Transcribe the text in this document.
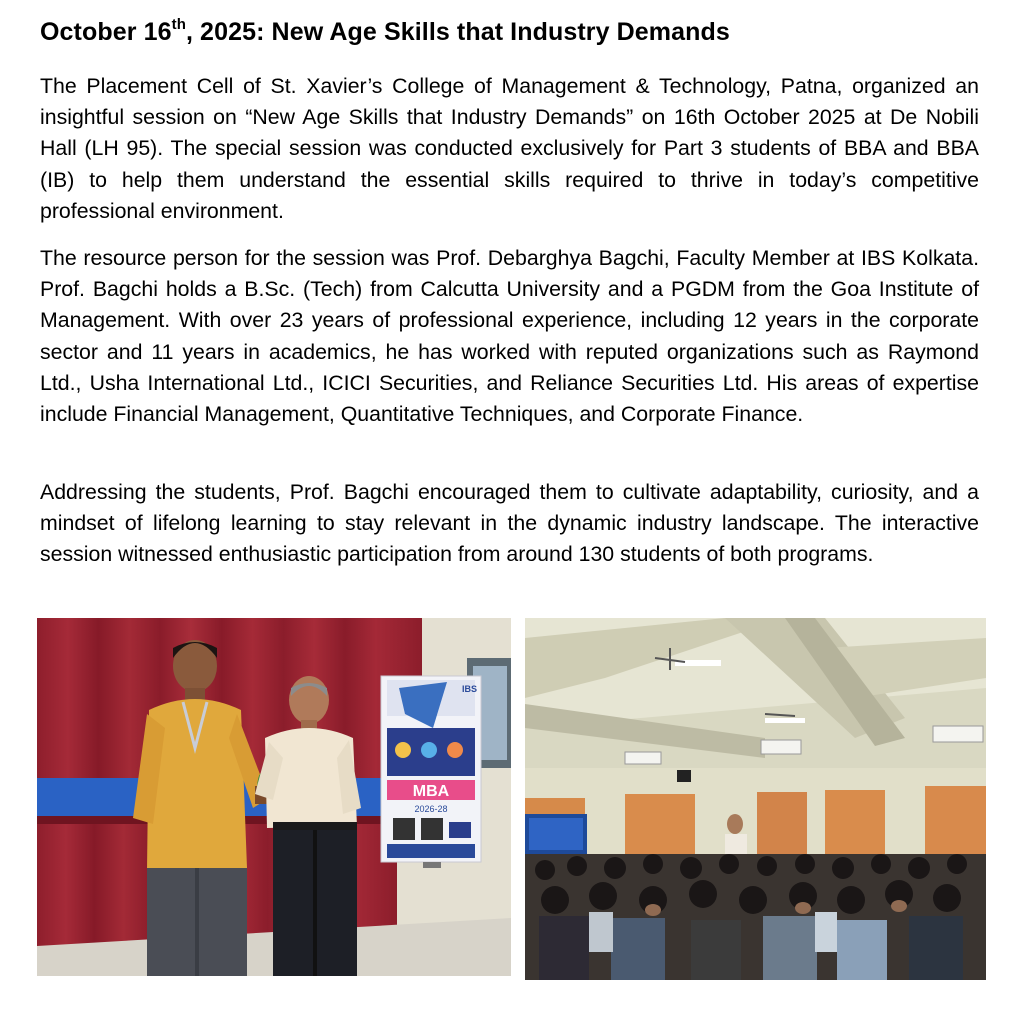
October 16th, 2025: New Age Skills that Industry Demands

The Placement Cell of St. Xavier’s College of Management & Technology, Patna, organized an insightful session on “New Age Skills that Industry Demands” on 16th October 2025 at De Nobili Hall (LH 95). The special session was conducted exclusively for Part 3 students of BBA and BBA (IB) to help them understand the essential skills required to thrive in today’s competitive professional environment.

The resource person for the session was Prof. Debarghya Bagchi, Faculty Member at IBS Kolkata. Prof. Bagchi holds a B.Sc. (Tech) from Calcutta University and a PGDM from the Goa Institute of Management. With over 23 years of professional experience, including 12 years in the corporate sector and 11 years in academics, he has worked with reputed organizations such as Raymond Ltd., Usha International Ltd., ICICI Securities, and Reliance Securities Ltd. His areas of expertise include Financial Management, Quantitative Techniques, and Corporate Finance.

Addressing the students, Prof. Bagchi encouraged them to cultivate adaptability, curiosity, and a mindset of lifelong learning to stay relevant in the dynamic industry landscape. The interactive session witnessed enthusiastic participation from around 130 students of both programs.

MBA
2026-28
IBS
